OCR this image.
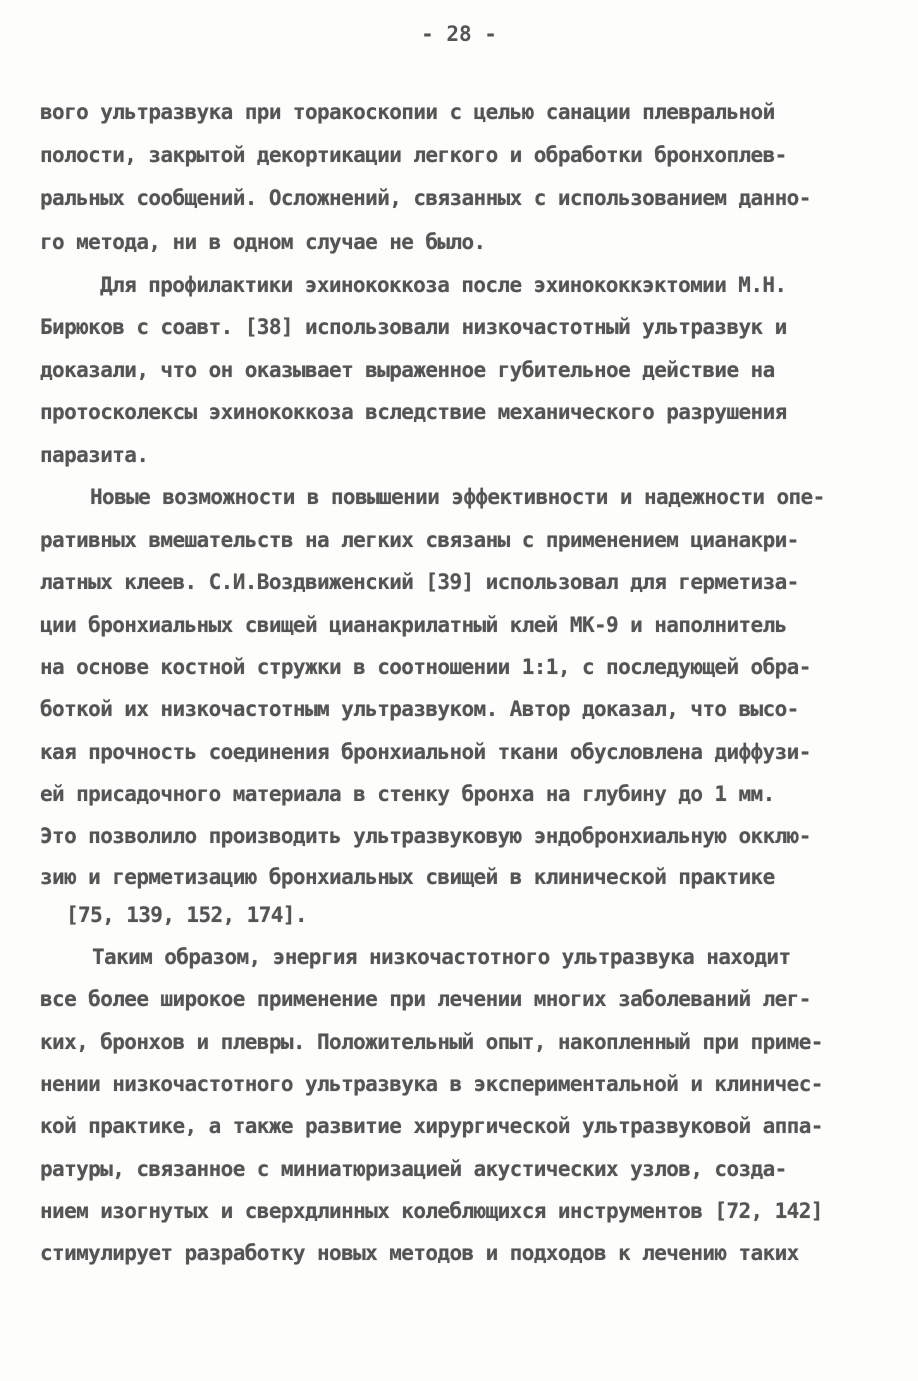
- 28 -
вого ультразвука при торакоскопии с целью санации плевральной
полости, закрытой декортикации легкого и обработки бронхоплев-
ральных сообщений. Осложнений, связанных с использованием данно-
го метода, ни в одном случае не было.
Для профилактики эхинококкоза после эхинококкэктомии М.Н.
Бирюков с соавт. [38] использовали низкочастотный ультразвук и
доказали, что он оказывает выраженное губительное действие на
протосколексы эхинококкоза вследствие механического разрушения
паразита.
Новые возможности в повышении эффективности и надежности опе-
ративных вмешательств на легких связаны с применением цианакри-
латных клеев. С.И.Воздвиженский [39] использовал для герметиза-
ции бронхиальных свищей цианакрилатный клей МК-9 и наполнитель
на основе костной стружки в соотношении 1:1, с последующей обра-
боткой их низкочастотным ультразвуком. Автор доказал, что высо-
кая прочность соединения бронхиальной ткани обусловлена диффузи-
ей присадочного материала в стенку бронха на глубину до 1 мм.
Это позволило производить ультразвуковую эндобронхиальную окклю-
зию и герметизацию бронхиальных свищей в клинической практике
[75, 139, 152, 174].
Таким образом, энергия низкочастотного ультразвука находит
все более широкое применение при лечении многих заболеваний лег-
ких, бронхов и плевры. Положительный опыт, накопленный при приме-
нении низкочастотного ультразвука в экспериментальной и клиничес-
кой практике, а также развитие хирургической ультразвуковой аппа-
ратуры, связанное с миниатюризацией акустических узлов, созда-
нием изогнутых и сверхдлинных колеблющихся инструментов [72, 142]
стимулирует разработку новых методов и подходов к лечению таких
